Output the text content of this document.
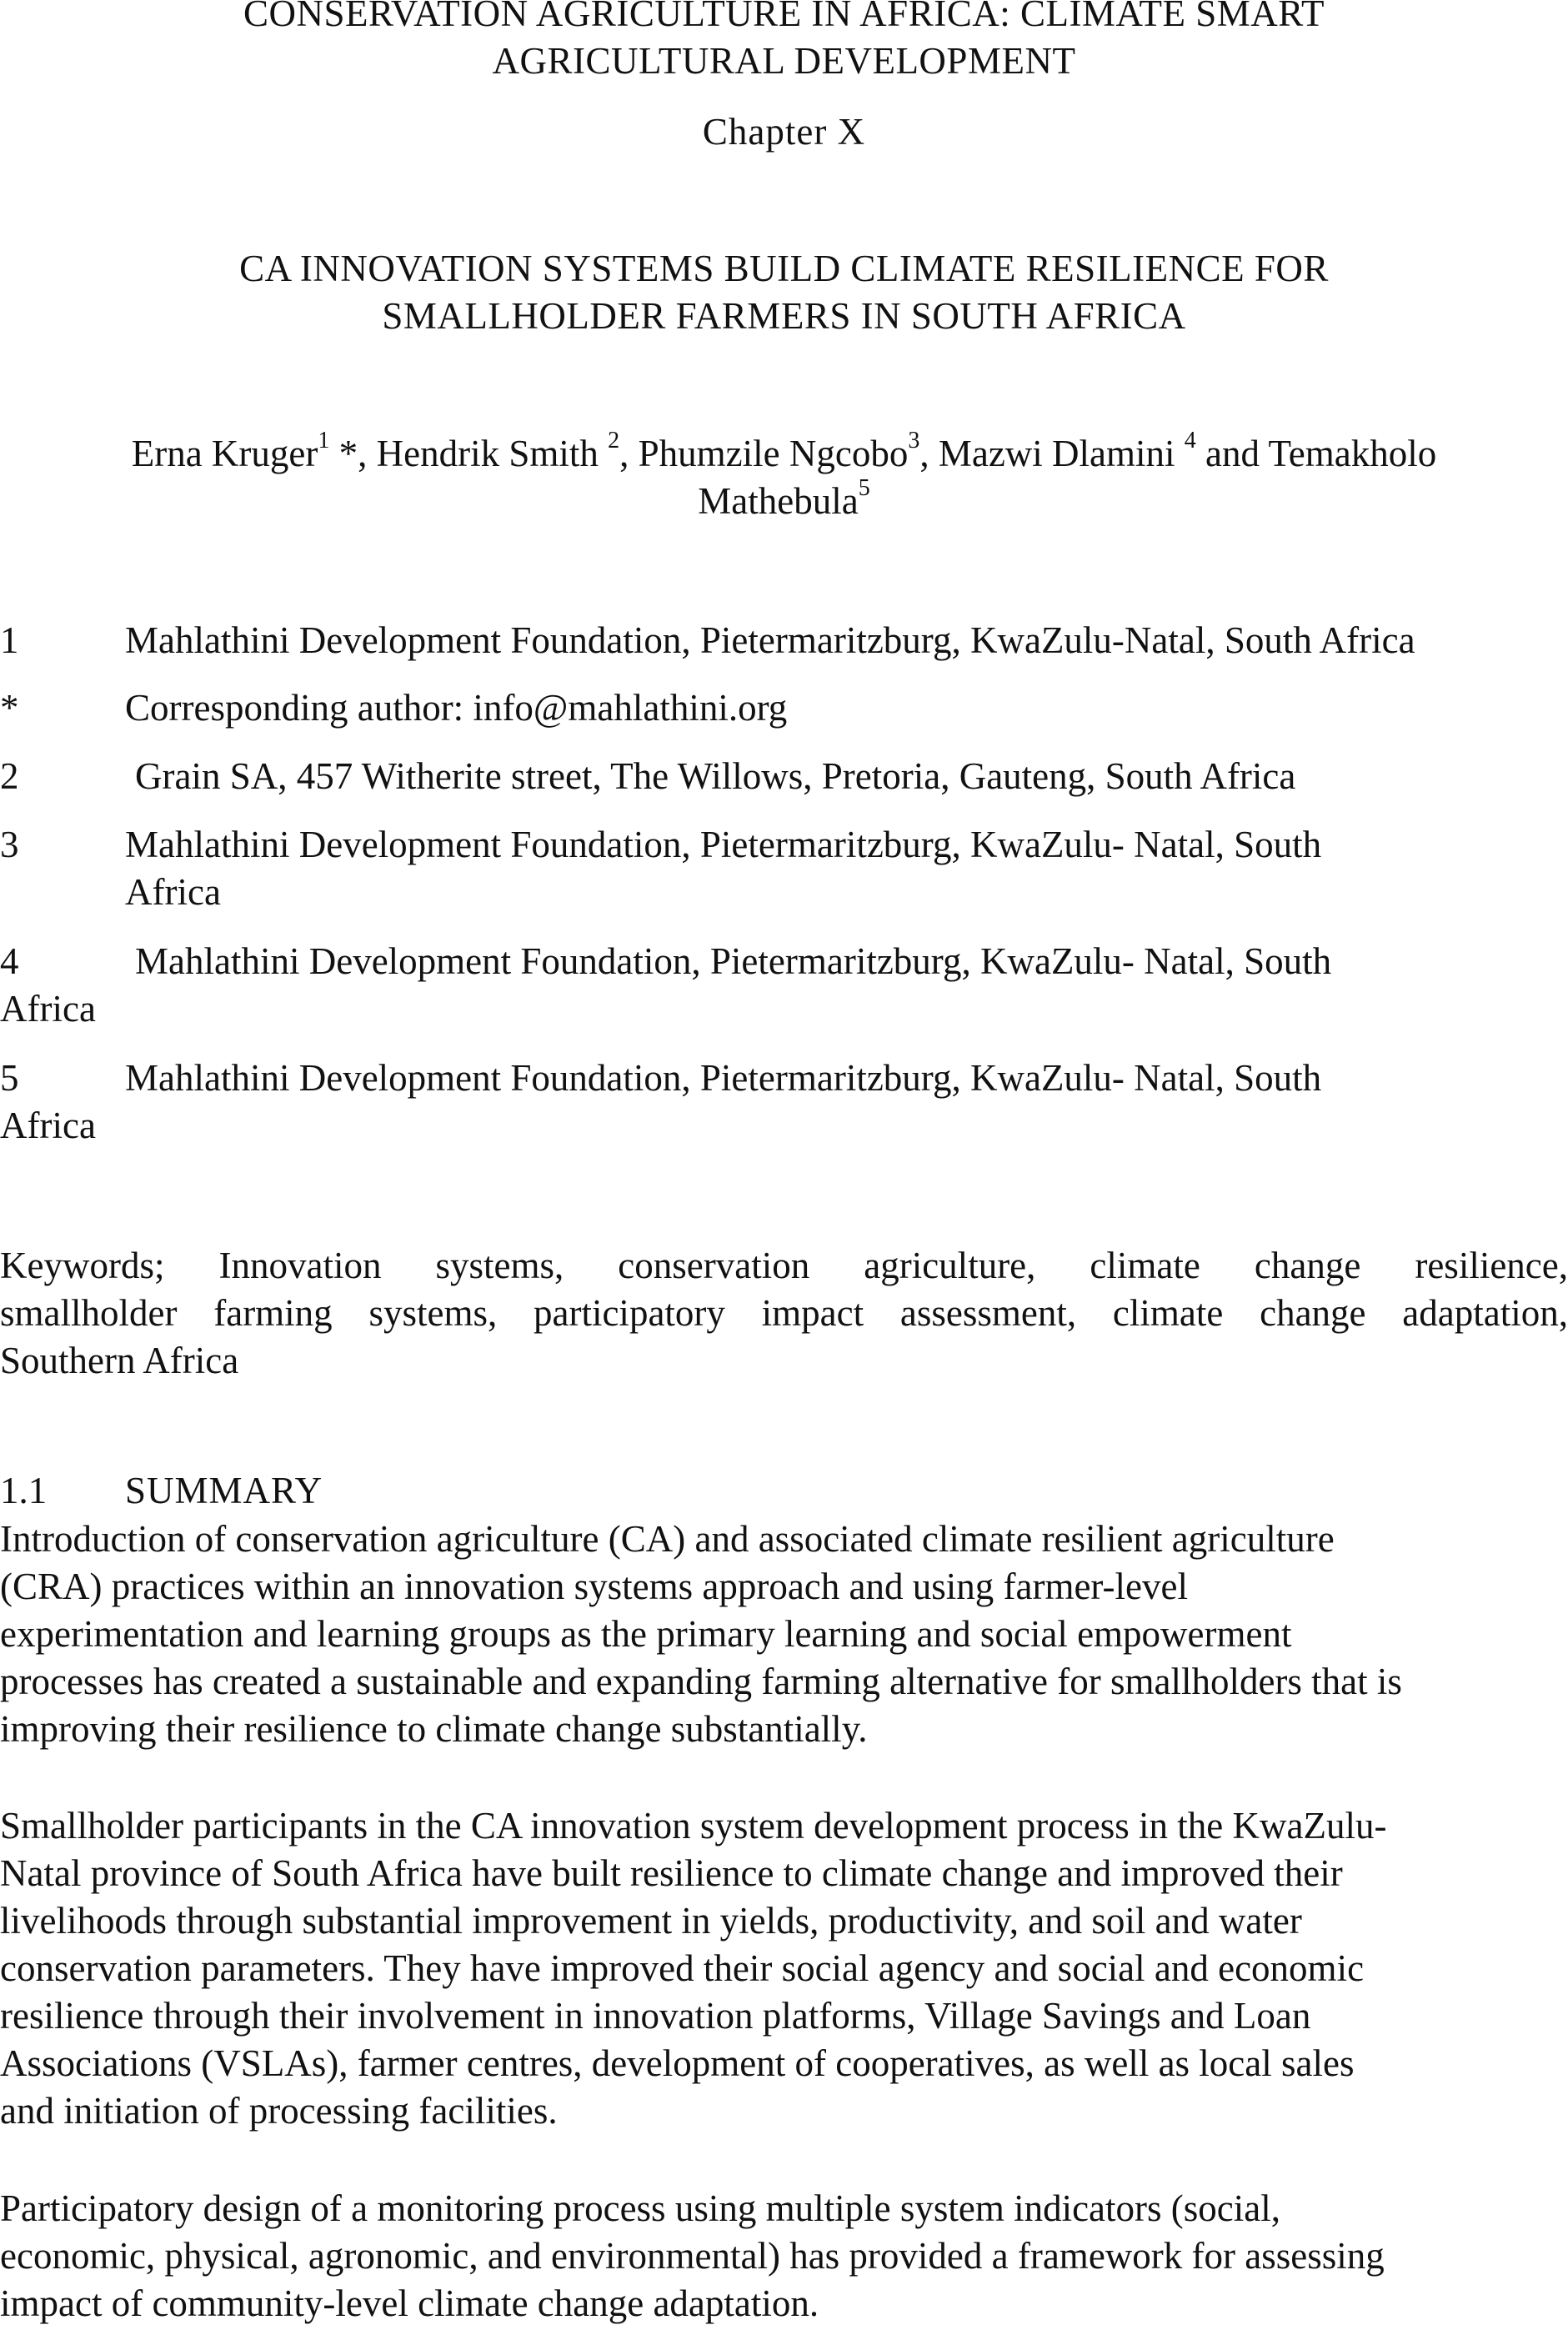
CONSERVATION AGRICULTURE IN AFRICA: CLIMATE SMART
AGRICULTURAL DEVELOPMENT
Chapter X
CA INNOVATION SYSTEMS BUILD CLIMATE RESILIENCE FOR
SMALLHOLDER FARMERS IN SOUTH AFRICA
Erna Kruger$^1$ *, Hendrik Smith $^2$, Phumzile Ngcobo$^3$, Mazwi Dlamini $^4$ and Temakholo
Mathebula$^5$
1	Mahlathini Development Foundation, Pietermaritzburg, KwaZulu-Natal, South Africa
*	Corresponding author: info@mahlathini.org
2	Grain SA, 457 Witherite street, The Willows, Pretoria, Gauteng, South Africa
3	Mahlathini Development Foundation, Pietermaritzburg, KwaZulu- Natal, South
Africa
4	Mahlathini Development Foundation, Pietermaritzburg, KwaZulu- Natal, South
Africa
5	Mahlathini Development Foundation, Pietermaritzburg, KwaZulu- Natal, South
Africa
Keywords; Innovation systems, conservation agriculture, climate change resilience,
smallholder farming systems, participatory impact assessment, climate change adaptation,
Southern Africa
1.1 SUMMARY
Introduction of conservation agriculture (CA) and associated climate resilient agriculture
(CRA) practices within an innovation systems approach and using farmer-level
experimentation and learning groups as the primary learning and social empowerment
processes has created a sustainable and expanding farming alternative for smallholders that is
improving their resilience to climate change substantially.
Smallholder participants in the CA innovation system development process in the KwaZulu-
Natal province of South Africa have built resilience to climate change and improved their
livelihoods through substantial improvement in yields, productivity, and soil and water
conservation parameters. They have improved their social agency and social and economic
resilience through their involvement in innovation platforms, Village Savings and Loan
Associations (VSLAs), farmer centres, development of cooperatives, as well as local sales
and initiation of processing facilities.
Participatory design of a monitoring process using multiple system indicators (social,
economic, physical, agronomic, and environmental) has provided a framework for assessing
impact of community-level climate change adaptation.
